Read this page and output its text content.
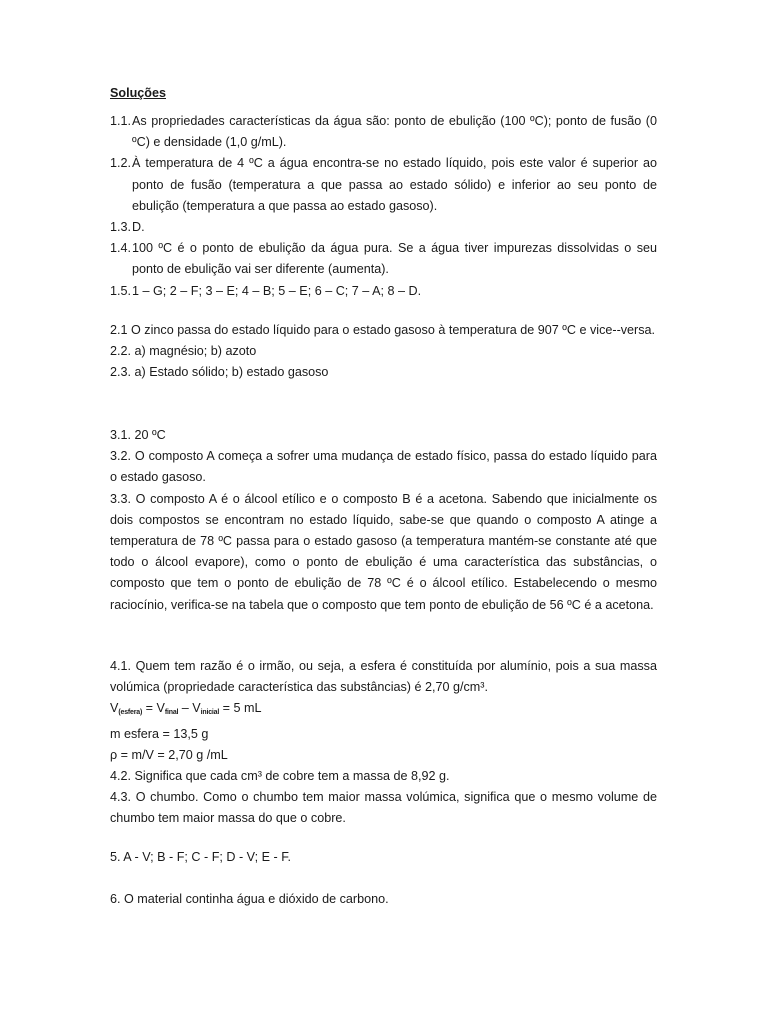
Soluções
1.1. As propriedades características da água são: ponto de ebulição (100 ºC); ponto de fusão (0 ºC) e densidade (1,0 g/mL).
1.2. À temperatura de 4 ºC a água encontra-se no estado líquido, pois este valor é superior ao ponto de fusão (temperatura a que passa ao estado sólido) e inferior ao seu ponto de ebulição (temperatura a que passa ao estado gasoso).
1.3. D.
1.4. 100 ºC é o ponto de ebulição da água pura. Se a água tiver impurezas dissolvidas o seu ponto de ebulição vai ser diferente (aumenta).
1.5. 1 – G; 2 – F; 3 – E; 4 – B; 5 – E; 6 – C; 7 – A; 8 – D.
2.1 O zinco passa do estado líquido para o estado gasoso à temperatura de 907 ºC e vice--versa.
2.2. a) magnésio; b) azoto
2.3. a) Estado sólido; b) estado gasoso
3.1. 20 ºC
3.2. O composto A começa a sofrer uma mudança de estado físico, passa do estado líquido para o estado gasoso.
3.3. O composto A é o álcool etílico e o composto B é a acetona. Sabendo que inicialmente os dois compostos se encontram no estado líquido, sabe-se que quando o composto A atinge a temperatura de 78 ºC passa para o estado gasoso (a temperatura mantém-se constante até que todo o álcool evapore), como o ponto de ebulição é uma característica das substâncias, o composto que tem o ponto de ebulição de 78 ºC é o álcool etílico. Estabelecendo o mesmo raciocínio, verifica-se na tabela que o composto que tem ponto de ebulição de 56 ºC é a acetona.
4.1. Quem tem razão é o irmão, ou seja, a esfera é constituída por alumínio, pois a sua massa volúmica (propriedade característica das substâncias) é 2,70 g/cm³.
$V_{(esfera)} = V_{final} - V_{inicial} = 5$ mL
m esfera = 13,5 g
ρ = m/V = 2,70 g /mL
4.2. Significa que cada cm³ de cobre tem a massa de 8,92 g.
4.3. O chumbo. Como o chumbo tem maior massa volúmica, significa que o mesmo volume de chumbo tem maior massa do que o cobre.
5. A - V; B - F; C - F; D - V; E - F.
6. O material continha água e dióxido de carbono.
